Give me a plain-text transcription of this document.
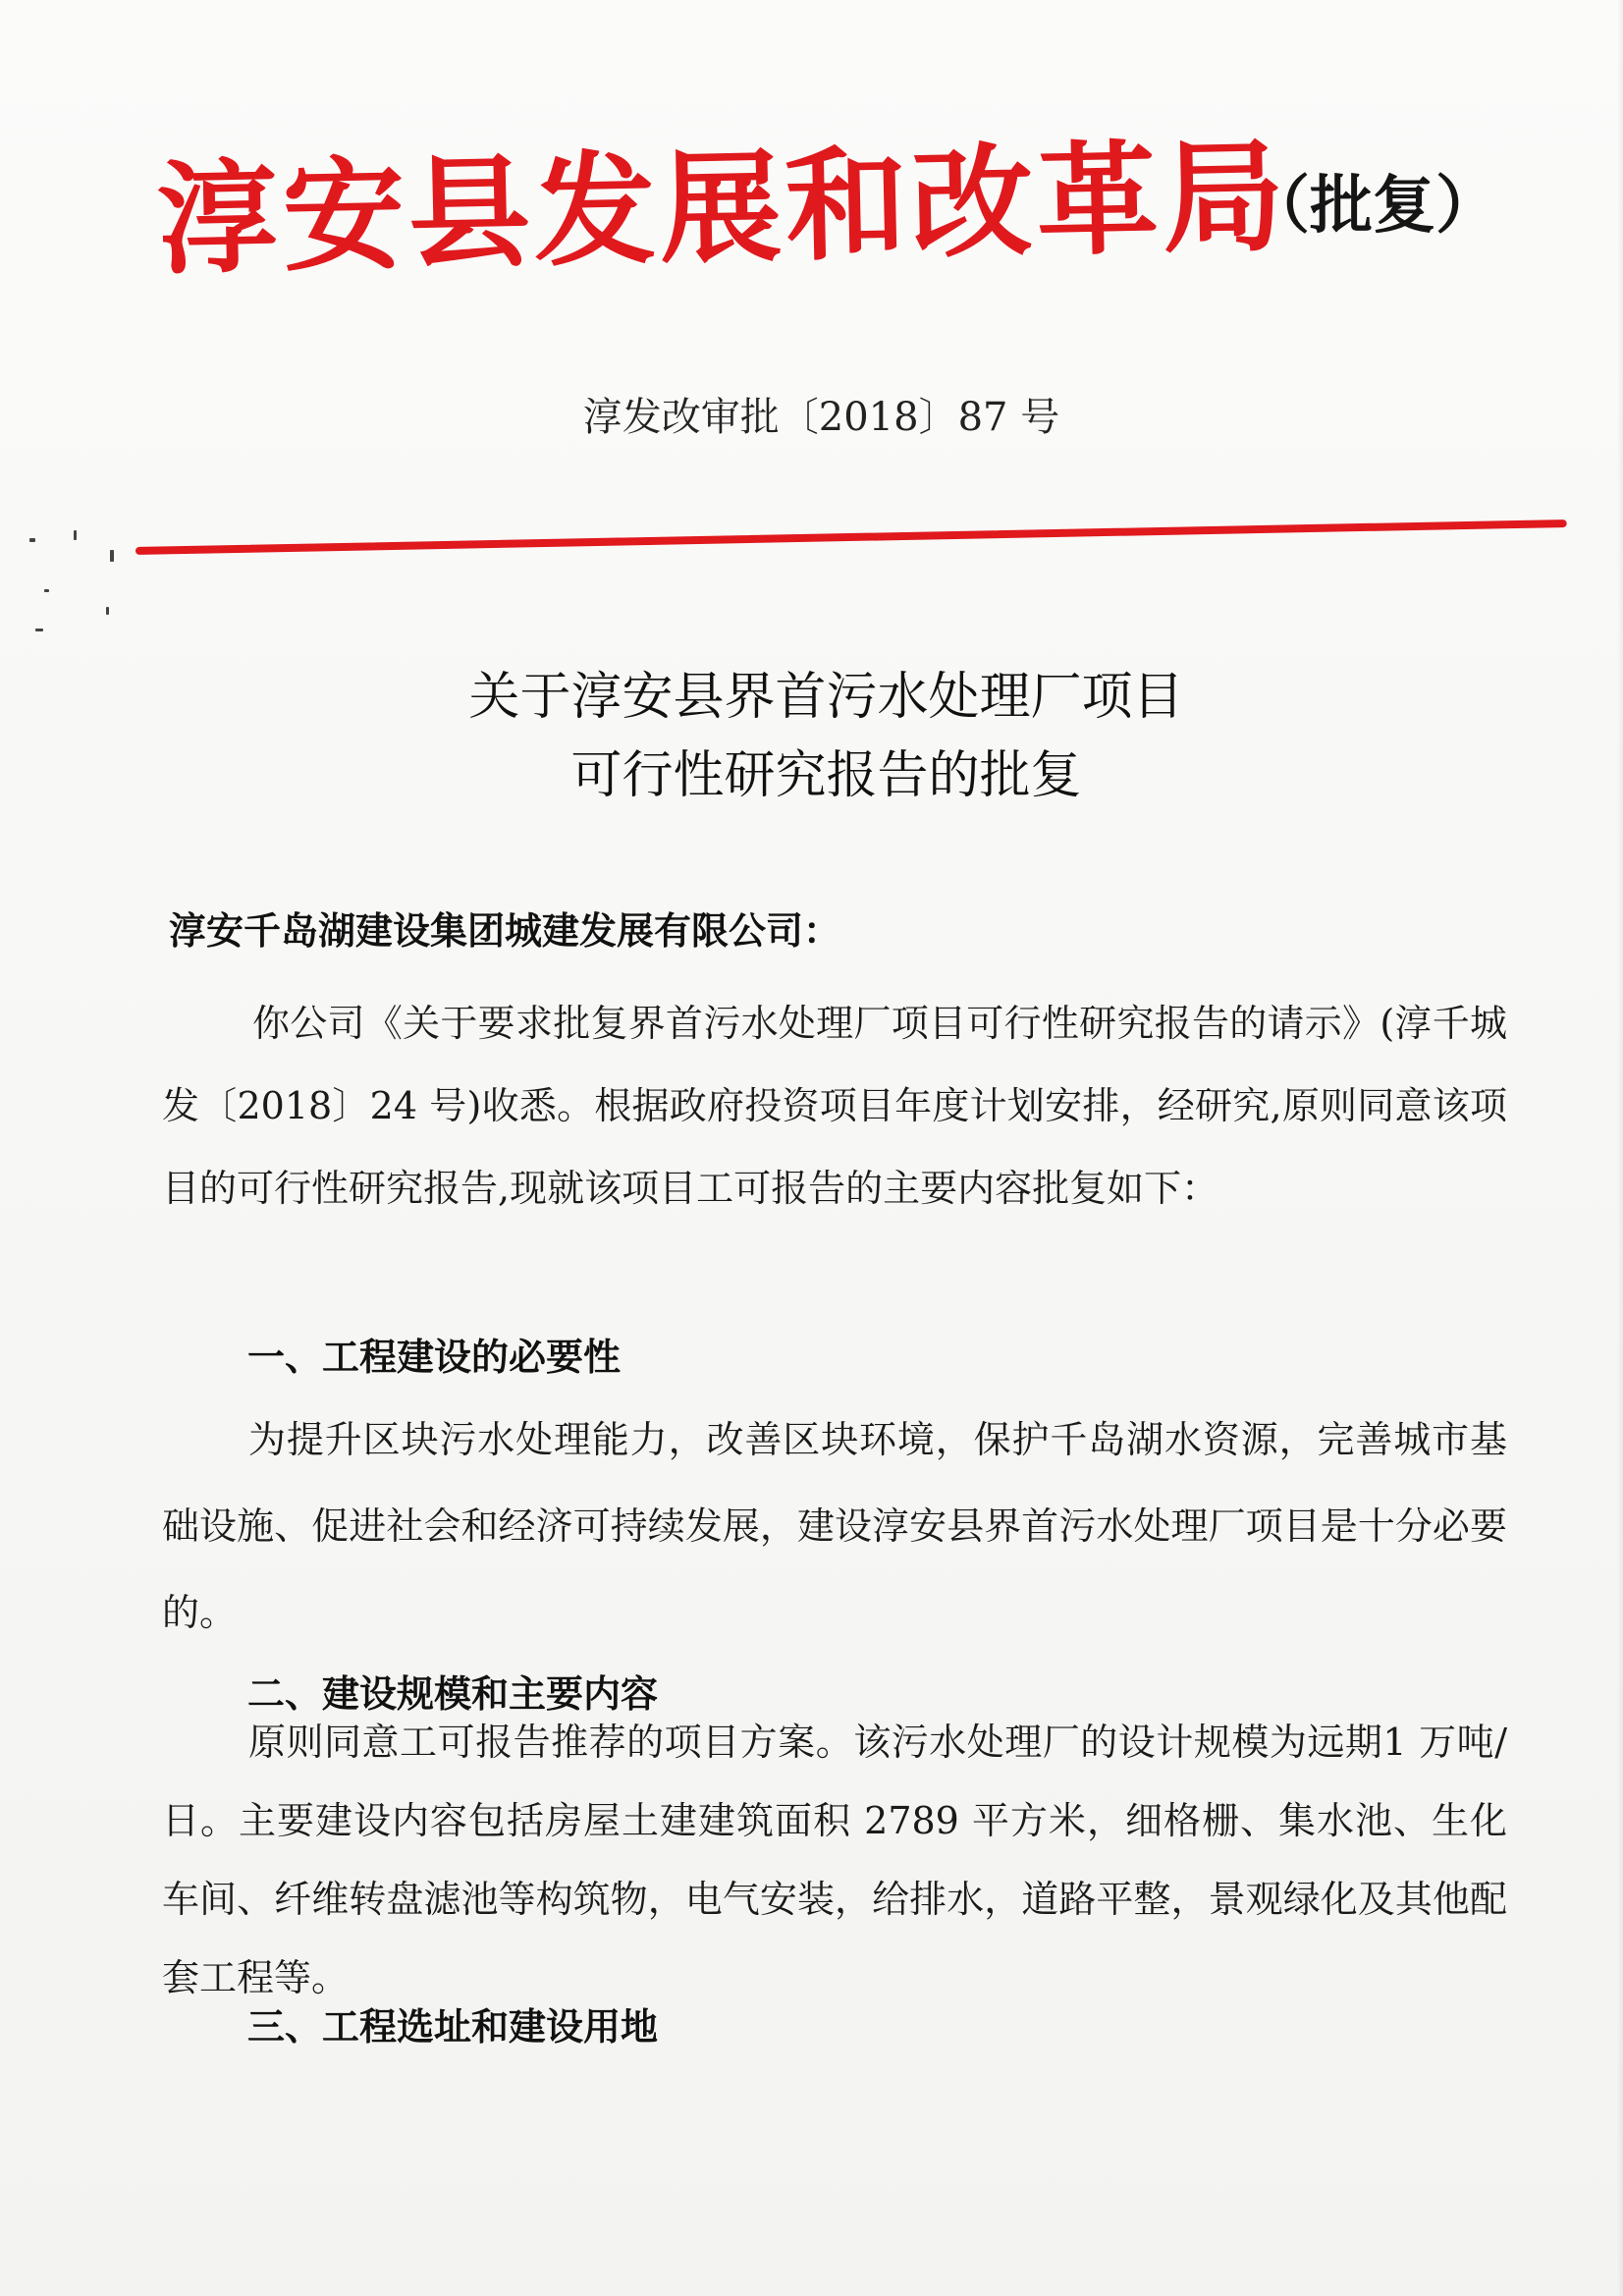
淳安县发展和改革局
（批复）
淳发改审批〔2018〕87 号
关于淳安县界首污水处理厂项目
可行性研究报告的批复
淳安千岛湖建设集团城建发展有限公司：
你公司《关于要求批复界首污水处理厂项目可行性研究报告的请示》(淳千城发〔2018〕24 号)收悉。根据政府投资项目年度计划安排，经研究,原则同意该项目的可行性研究报告,现就该项目工可报告的主要内容批复如下：
一、工程建设的必要性
为提升区块污水处理能力，改善区块环境，保护千岛湖水资源，完善城市基础设施、促进社会和经济可持续发展，建设淳安县界首污水处理厂项目是十分必要的。
二、建设规模和主要内容
原则同意工可报告推荐的项目方案。该污水处理厂的设计规模为远期1 万吨/日。主要建设内容包括房屋土建建筑面积 2789 平方米，细格栅、集水池、生化车间、纤维转盘滤池等构筑物，电气安装，给排水，道路平整，景观绿化及其他配套工程等。
三、工程选址和建设用地
